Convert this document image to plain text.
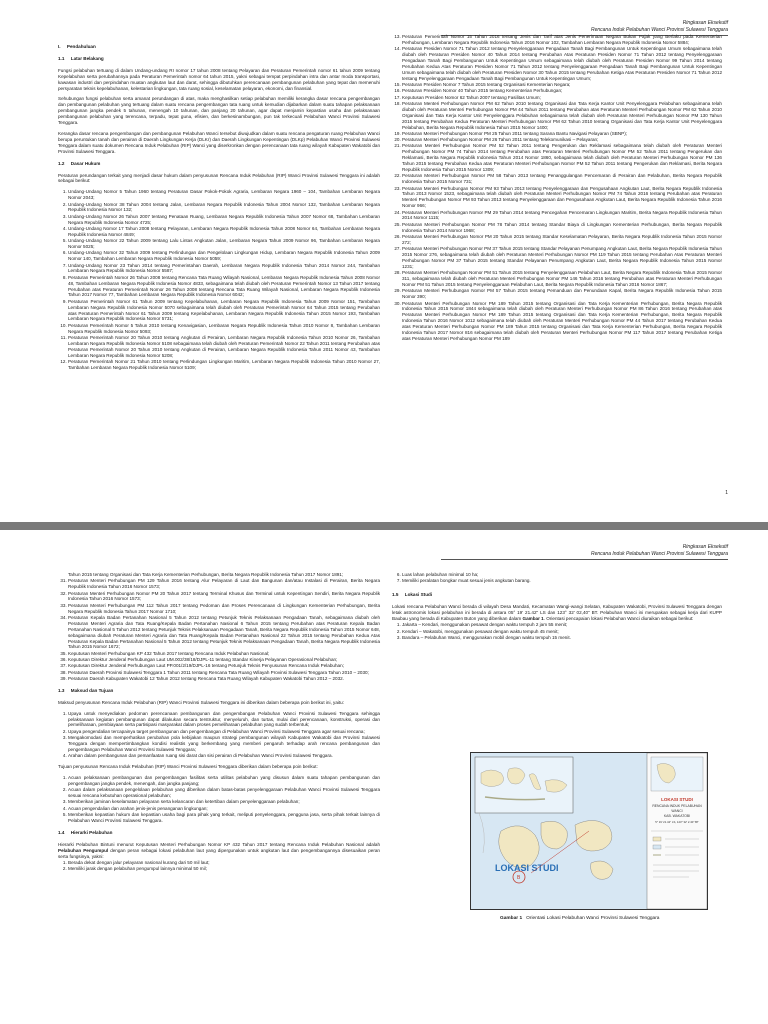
Ringkasan Eksekutif
Rencana Induk Pelabuhan Wanci Provinsi Sulawesi Tenggara
I.     Pendahuluan
1.1     Latar Belakang

Fungsi pelabuhan tertuang di dalam Undang-undang RI nomor 17 tahun 2008 tentang Pelayaran dan Peraturan Pemerintah nomor 61 tahun 2009 tentang Kepelabuhan serta perubahannya pada Peraturan Pemerintah nomor 64 tahun 2015, yakni sebagai tempat perpindahan intra dan antar moda transportasi, kawasan industri dan perpindahan muatan angkutan laut dan darat, sehingga dibutuhkan perencanaan pembangunan pelabuhan yang tepat dan memenuhi persyaratan teknis kepelabuhanan, kelestarian lingkungan, tata ruang sosial, keselamatan pelayaran, ekonomi, dan finansial.

Sehubungan fungsi pelabuhan serta amanat perundangan di atas, maka menghasilkan setiap pelabuhan memiliki kerangka dasar rencana pengembangan dan pembangunan pelabuhan yang tertuang dalam suatu rencana pengembangan tata ruang untuk kemudian dijabarkan dalam suatu tahapan pelaksanaan pembangunan jangka pendek 5 tahunan, menengah 10 tahunan, dan panjang 20 tahunan, agar dapat menjamin kepastian usaha dan pelaksanaan pembangunan pelabuhan yang terencana, terpadu, tepat guna, efisien, dan berkesinambungan, pun tak terkecuali Pelabuhan Wanci Provinsi Sulawesi Tenggara.

Kerangka dasar rencana pengembangan dan pembangunan Pelabuhan Wanci tersebut diwujudkan dalam suatu rencana pengaturan ruang Pelabuhan Wanci berupa peruntukan tanah dan perairan di Daerah Lingkungan Kerja (DLKr) dan Daerah Lingkungan Kepentingan (DLKp) Pelabuhan Wanci Provinsi Sulawesi Tenggara dalam suatu dokumen Rencana Induk Pelabuhan (RIP) Wanci yang diserkronkan dengan perencanaan tata ruang wilayah Kabupaten Wakatobi dan Provinsi Sulawesi Tenggara.

1.2     Dasar Hukum

Peraturan perundangan terkait yang menjadi dasar hukum dalam penyusunan Rencana Induk Pelabuhan (RIP) Wanci Provinsi Sulawesi Tenggara ini adalah sebagai berikut:

1. Undang-Undang Nomor 5 Tahun 1960 tentang Peraturan Dasar Pokok-Pokok Agraria, Lembaran Negara 1960 – 104, Tambahan Lembaran Negara Nomor 2043;
2. Undang-Undang Nomor 38 Tahun 2004 tentang Jalan, Lembaran Negara Republik Indonesia Tahun 2004 Nomor 132, Tambahan Lembaran Negara Republik Indonesia Nomor 132;
3. Undang-Undang Nomor 26 Tahun 2007 tentang Penataan Ruang, Lembaran Negara Republik Indonesia Tahun 2007 Nomor 68, Tambahan Lembaran Negara Republik Indonesia Nomor 4725;
4. Undang-Undang Nomor 17 Tahun 2008 tentang Pelayaran, Lembaran Negara Republik Indonesia Tahun 2008 Nomor 64, Tambahan Lembaran Negara Republik Indonesia Nomor 4849;
5. Undang-Undang Nomor 22 Tahun 2009 tentang Lalu Lintas Angkutan Jalan, Lembaran Negara Tahun 2009 Nomor 96, Tambahan Lembaran Negara Nomor 5025;
6. Undang-Undang Nomor 32 Tahun 2009 tentang Perlindungan dan Pengelolaan Lingkungan Hidup, Lembaran Negara Republik Indonesia Tahun 2009 Nomor 140, Tambahan Lembaran Negara Republik Indonesia Nomor 5059;
7. Undang-Undang Nomor 23 Tahun 2014 tentang Pemerintahan Daerah, Lembaran Negara Republik Indonesia Tahun 2014 Nomor 244, Tambahan Lembaran Negara Republik Indonesia Nomor 5587;
8. Peraturan Pemerintah Nomor 26 Tahun 2008 tentang Rencana Tata Ruang Wilayah Nasional, Lembaran Negara Republik Indonesia Tahun 2008 Nomor 48, Tambahan Lembaran Negara Republik Indonesia Nomor 4833, sebagaimana telah diubah oleh Peraturan Pemerintah Nomor 13 Tahun 2017 tentang Perubahan atas Peraturan Pemerintah Nomor 26 Tahun 2008 tentang Rencana Tata Ruang Wilayah Nasional, Lembaran Negara Republik Indonesia Tahun 2017 Nomor 77, Tambahan Lembaran Negara Republik Indonesia Nomor 6042;
9. Peraturan Pemerintah Nomor 61 Tahun 2009 tentang Kepelabuhanan, Lembaran Negara Republik Indonesia Tahun 2009 Nomor 151, Tambahan Lembaran Negara Republik Indonesia Nomor 5070 sebagaimana telah diubah oleh Peraturan Pemerintah Nomor 64 Tahun 2015 tentang Perubahan atas Peraturan Pemerintah Nomor 61 Tahun 2009 tentang Kepelabuhanan, Lembaran Negara Republik Indonesia Tahun 2015 Nomor 193, Tambahan Lembaran Negara Republik Indonesia Nomor 5731;
10. Peraturan Pemerintah Nomor 5 Tahun 2010 tentang Kenavigasian, Lembaran Negara Republik Indonesia Tahun 2010 Nomor 8, Tambahan Lembaran Negara Republik Indonesia Nomor 5093;
11. Peraturan Pemerintah Nomor 20 Tahun 2010 tentang Angkutan di Perairan, Lembaran Negara Republik Indonesia Tahun 2010 Nomor 26, Tambahan Lembaran Negara Republik Indonesia Nomor 5108 sebagaimana telah diubah oleh Peraturan Pemerintah Nomor 22 Tahun 2011 tentang Perubahan atas Peraturan Pemerintah Nomor 20 Tahun 2010 tentang Angkutan di Perairan, Lembaran Negara Republik Indonesia Tahun 2011 Nomor 43, Tambahan Lembaran Negara Republik Indonesia Nomor 5208;
12. Peraturan Pemerintah Nomor 21 Tahun 2010 tentang Perlindungan Lingkungan Maritim, Lembaran Negara Republik Indonesia Tahun 2010 Nomor 27, Tambahan Lembaran Negara Republik Indonesia Nomor 5109;
13. Peraturan Pemerintah Nomor 15 Tahun 2016 tentang Jenis dan Tarif atas Jenis Penerimaan Negara Bukan Pajak yang Berlaku pada Kementerian Perhubungan, Lembaran Negara Republik Indonesia Tahun 2016 Nomor 102, Tambahan Lembaran Negara Republik Indonesia Nomor 5884;
14. Peraturan Presiden Nomor 71 Tahun 2012 tentang Penyelenggaraan Pengadaan Tanah Bagi Pembangunan Untuk Kepentingan Umum sebagaimana telah diubah oleh Peraturan Presiden Nomor 40 Tahun 2014 tentang Perubahan Atas Peraturan Presiden Nomor 71 Tahun 2012 tentang Penyelenggaraan Pengadaan Tanah Bagi Pembangunan Untuk Kepentingan Umum sebagaimana telah diubah oleh Peraturan Presiden Nomor 99 Tahun 2014 tentang Perubahan Kedua Atas Peraturan Presiden Nomor 71 Tahun 2012 tentang Penyelenggaraan Pengadaan Tanah Bagi Pembangunan Untuk Kepentingan Umum sebagaimana telah diubah oleh Peraturan Presiden Nomor 30 Tahun 2015 tentang Perubahan Ketiga Atas Peraturan Presiden Nomor 71 Tahun 2012 tentang Penyelenggaraan Pengadaan Tanah Bagi Pembangunan Untuk Kepentingan Umum;
15. Peraturan Presiden Nomor 7 Tahun 2015 tentang Organisasi Kementerian Negara;
16. Peraturan Presiden Nomor 40 Tahun 2015 tentang Kementerian Perhubungan;
17. Keputusan Presiden Nomor 62 Tahun 2007 tentang Fasilitas Umum;
18. Peraturan Menteri Perhubungan Nomor PM 62 Tahun 2010 tentang Organisasi dan Tata Kerja Kantor Unit Penyelenggara Pelabuhan sebagaimana telah diubah oleh Peraturan Menteri Perhubungan Nomor PM 44 Tahun 2011 tentang Perubahan atas Peraturan Menteri Perhubungan Nomor PM 62 Tahun 2010 Organisasi dan Tata Kerja Kantor Unit Penyelenggara Pelabuhan sebagaimana telah diubah oleh Peraturan Menteri Perhubungan Nomor PM 130 Tahun 2015 tentang Perubahan Kedua Peraturan Menteri Perhubungan Nomor PM 62 Tahun 2010 tentang Organisasi dan Tata Kerja Kantor Unit Penyelenggara Pelabuhan, Berita Negara Republik Indonesia Tahun 2015 Nomor 1400;
19. Peraturan Menteri Perhubungan Nomor PM 25 Tahun 2011 tentang Sarana Bantu Navigasi Pelayaran (SBNP);
20. Peraturan Menteri Perhubungan Nomor PM 26 Tahun 2011 tentang Telekomunikasi – Pelayaran;
21. Peraturan Menteri Perhubungan Nomor PM 52 Tahun 2011 tentang Pengerukan dan Reklamasi sebagaimana telah diubah oleh Peraturan Menteri Perhubungan Nomor PM 74 Tahun 2014 tentang Perubahan atas Peraturan Menteri Perhubungan Nomor PM 52 Tahun 2011 tentang Pengerukan dan Reklamasi, Berita Negara Republik Indonesia Tahun 2014 Nomor 1860, sebagaimana telah diubah oleh Peraturan Menteri Perhubungan Nomor PM 136 Tahun 2015 tentang Perubahan Kedua atas Peraturan Menteri Perhubungan Nomor PM 52 Tahun 2011 tentang Pengerukan dan Reklamasi, Berita Negara Republik Indonesia Tahun 2015 Nomor 1309;
22. Peraturan Menteri Perhubungan Nomor PM 58 Tahun 2013 tentang Penanggulangan Pencemaran di Perairan dan Pelabuhan, Berita Negara Republik Indonesia Tahun 2015 Nomor 731;
23. Peraturan Menteri Perhubungan Nomor PM 93 Tahun 2013 tentang Penyelenggaraan dan Pengusahaan Angkutan Laut, Berita Negara Republik Indonesia Tahun 2013 Nomor 1523, sebagaimana telah diubah oleh Peraturan Menteri Perhubungan Nomor PM 74 Tahun 2016 tentang Perubahan atas Peraturan Menteri Perhubungan Nomor PM 93 Tahun 2013 tentang Penyelenggaraan dan Pengusahaan Angkutan Laut, Berita Negara Republik Indonesia Tahun 2016 Nomor 966;
24. Peraturan Menteri Perhubungan Nomor PM 29 Tahun 2014 tentang Pencegahan Pencemaran Lingkungan Maritim, Berita Negara Republik Indonesia Tahun 2014 Nomor 1115;
25. Peraturan Menteri Perhubungan Nomor PM 78 Tahun 2014 tentang Standar Biaya di Lingkungan Kementerian Perhubungan, Berita Negara Republik Indonesia Tahun 2014 Nomor 1968;
26. Peraturan Menteri Perhubungan Nomor PM 20 Tahun 2015 tentang Standar Keselamatan Pelayaran, Berita Negara Republik Indonesia Tahun 2015 Nomor 272;
27. Peraturan Menteri Perhubungan Nomor PM 37 Tahun 2015 tentang Standar Pelayanan Penumpang Angkutan Laut, Berita Negara Republik Indonesia Tahun 2015 Nomor 276, sebagaimana telah diubah oleh Peraturan Menteri Perhubungan Nomor PM 119 Tahun 2015 tentang Perubahan Atas Peraturan Menteri Perhubungan Nomor PM 37 Tahun 2015 tentang Standar Pelayanan Penumpang Angkutan Laut, Berita Negara Republik Indonesia Tahun 2015 Nomor 1231;
28. Peraturan Menteri Perhubungan Nomor PM 51 Tahun 2015 tentang Penyelenggaraan Pelabuhan Laut, Berita Negara Republik Indonesia Tahun 2015 Nomor 311, sebagaimana telah diubah oleh Peraturan Menteri Perhubungan Nomor PM 146 Tahun 2016 tentang Perubahan atas Peraturan Menteri Perhubungan Nomor PM 51 Tahun 2015 tentang Penyelenggaraan Pelabuhan Laut, Berita Negara Republik Indonesia Tahun 2016 Nomor 1867;
29. Peraturan Menteri Perhubungan Nomor PM 57 Tahun 2015 tentang Pemanduan dan Penundaan Kapal, Berita Negara Republik Indonesia Tahun 2015 Nomor 390;
30. Peraturan Menteri Perhubungan Nomor PM 189 Tahun 2015 tentang Organisasi dan Tata Kerja Kementerian Perhubungan, Berita Negara Republik Indonesia Tahun 2015 Nomor 1844 sebagaimana telah diubah oleh Peraturan Menteri Perhubungan Nomor PM 86 Tahun 2016 tentang Perubahan atas Peraturan Menteri Perhubungan Nomor PM 189 Tahun 2015 tentang Organisasi dan Tata Kerja Kementerian Perhubungan, Berita Negara Republik Indonesia Tahun 2016 Nomor 1012 sebagaimana telah diubah oleh Peraturan Menteri Perhubungan Nomor PM 44 Tahun 2017 tentang Perubahan Kedua atas Peraturan Menteri Perhubungan Nomor PM 189 Tahun 2015 tentang Organisasi dan Tata Kerja Kementerian Perhubungan, Berita Negara Republik Indonesia Tahun 2017 Nomor 816 sebagaimana telah diubah oleh Peraturan Menteri Perhubungan Nomor PM 117 Tahun 2017 tentang Perubahan Ketiga atas Peraturan Menteri Perhubungan Nomor PM 189
1
Ringkasan Eksekutif
Rencana Induk Pelabuhan Wanci Provinsi Sulawesi Tenggara

Tahun 2015 tentang Organisasi dan Tata Kerja Kementerian Perhubungan, Berita Negara Republik Indonesia Tahun 2017 Nomor 1891;

31. Peraturan Menteri Perhubungan PM 129 Tahun 2016 tentang Alur Pelayaran di Laut dan Bangunan dan/atau Instalasi di Perairan, Berita Negara Republik Indonesia Tahun 2016 Nomor 1573;
32. Peraturan Menteri Perhubungan Nomor PM 20 Tahun 2017 tentang Terminal Khusus dan Terminal untuk Kepentingan Sendiri, Berita Negara Republik Indonesia Tahun 2016 Nomor 1573;
33. Peraturan Menteri Perhubungan PM 112 Tahun 2017 tentang Pedoman dan Proses Perencanaan di Lingkungan Kementerian Perhubungan, Berita Negara Republik Indonesia Tahun 2017 Nomor 1710;
34. Peraturan Kepala Badan Pertanahan Nasional 5 Tahun 2012 tentang Petunjuk Teknis Pelaksanaan Pengadaan Tanah, sebagaimana diubah oleh Peraturan Menteri Agraria dan Tata Ruang/Kepala Badan Pertanahan Nasional 6 Tahun 2015 tentang Perubahan atas Peraturan Kepala Badan Pertanahan Nasional 5 Tahun 2012 tentang Petunjuk Teknis Pelaksanaan Pengadaan Tanah, Berita Negara Republik Indonesia Tahun 2015 Nomor 648, sebagaimana diubah Peraturan Menteri Agraria dan Tata Ruang/Kepala Badan Pertanahan Nasional 22 Tahun 2015 tentang Perubahan Kedua Atas Peraturan Kepala Badan Pertanahan Nasional 5 Tahun 2012 tentang Petunjuk Teknis Pelaksanaan Pengadaan Tanah, Berita Negara Republik Indonesia Tahun 2015 Nomor 1672;
35. Keputusan Menteri Perhubungan KP 432 Tahun 2017 tentang Rencana Induk Pelabuhan Nasional;
36. Keputusan Direktur Jenderal Perhubungan Laut UM.002/38/18/DJPL-11 tentang Standar Kinerja Pelayanan Operasional Pelabuhan;
37. Keputusan Direktur Jenderal Perhubungan Laut PP.001/2/19/DJPL-16 tentang Petunjuk Teknis Penyusunan Rencana Induk Pelabuhan;
38. Peraturan Daerah Provinsi Sulawesi Tenggara 1 Tahun 2011 tentang Rencana Tata Ruang Wilayah Provinsi Sulawesi Tenggara Tahun 2010 – 2030;
39. Peraturan Daerah Kabupaten Wakatobi 12 Tahun 2012 tentang Rencana Tata Ruang Wilayah Kabupaten Wakatobi Tahun 2012 – 2032.
1.3     Maksud dan Tujuan

Maksud penyusunan Rencana Induk Pelabuhan (RIP) Wanci Provinsi Sulawesi Tenggara ini diberikan dalam beberapa poin berikut ini, yaitu:

1. Upaya untuk menyediakan pedoman perencanaan pembangunan dan pengembangan Pelabuhan Wanci Provinsi Sulawesi Tenggara sehingga pelaksanaan kegiatan pembangunan dapat dilakukan secara terstruktur, menyeluruh, dan turtas, mulai dari perencanaan, konstruksi, operasi dan pemeliharaan, pembiayaan serta partisipasi masyarakat dalam proses pemeliharaan pelabuhan yang sudah terbentuk;
2. Upaya pengendalian tercapainya target pembangunan dan pengembangan di Pelabuhan Wanci Provinsi Sulawesi Tenggara agar sesuai rencana;
3. Mengakomodasi dan memperhatikan perubahan pola kebijakan maupun strategi pembangunan wilayah Kabupaten Wakatobi dan Provinsi Sulawesi Tenggara dengan mempertimbangkan kondisi realistis yang berkembang yang memberi pengaruh terhadap arah rencana pembangunan dan pengembangan Pelabuhan Wanci Provinsi Sulawesi Tenggara;
4. Arahan dalam pembangunan dan pemanfaatan ruang sisi darat dan sisi perairan di Pelabuhan Wanci Provinsi Sulawesi Tenggara.

Tujuan penyusunan Rencana Induk Pelabuhan (RIP) Wanci Provinsi Sulawesi Tenggara diberikan dalam beberapa poin berikut:

1. Acuan pelaksanaan pembangunan dan pengembangan fasilitas serta utilitas pelabuhan yang disusun dalam suatu tahapan pembangunan dan pengembangan jangka pendek, menengah, dan jangka panjang;
2. Acuan dalam pelaksanaan pengelolaan pelabuhan yang diberikan dalam batas-batas penyelenggaraan Pelabuhan Wanci Provinsi Sulawesi Tenggara sesuai rencana kebutuhan operasional pelabuhan;
3. Memberikan jaminan keselamatan pelayaran serta kelancaran dan ketertiban dalam penyelenggaraan pelabuhan;
4. Acuan pengendalian dan arahan jenis-jenis penanganan lingkungan;
5. Memberikan kepastian hukum dan kepastian usaha bagi para pihak yang terkait, meliputi penyelenggara, pengguna jasa, serta pihak terkait lainnya di Pelabuhan Wanci Provinsi Sulawesi Tenggara.
1.4     Hierarki Pelabuhan

Hierarki Pelabuhan Bintuni menurut Keputusan Menteri Perhubungan Nomor KP 432 Tahun 2017 tentang Rencana Induk Pelabuhan Nasional adalah Pelabuhan Pengumpul dengan peran sebagai lokasi pelabuhan laut yang dipergunakan untuk angkutan laut dan pengembangannya disesuaikan peran serta fungsinya, yakni:

1. Berada dekat dengan jalur pelayaran nasional kurang dari 50 mil laut;
2. Memiliki jarak dengan pelabuhan pengumpul lainnya minimal 50 mil;
6. Luas lahan pelabuhan minimal 10 ha;
7. Memiliki peralatan bongkar muat sesuai jenis angkutan barang.
1.5     Lokasi Studi

Lokasi rencana Pelabuhan Wanci berada di wilayah Desa Mandati, Kecamatan Wangi-wangi Selatan, Kabupaten Wakatobi, Provinsi Sulawesi Tenggara dengan letak astronomis lokasi pelabuhan ini berada di antara 05° 19' 21.42" LS dan 123° 32' 02,40" BT. Pelabuhan Wanci ini merupakan sebagai kerja dari KUPP Baubau yang berada di Kabupaten Buton yang diberikan dalam Gambar 1. Orientasi pencapaian lokasi Pelabuhan Wanci diuraikan sebagai berikut:

1. Jakarta – Kendari, menggunakan pesawat dengan waktu tempuh 2 jam 55 menit;
2. Kendari – Wakatobi, menggunakan pesawat dengan waktu tempuh 45 menit;
3. Bandara – Pelabuhan Wanci, menggunakan mobil dengan waktu tempuh 15 menit.
B
LOKASI STUDI
LOKASI STUDI
RENCANA INDUK PELABUHAN
WANCI
KAB. WAKATOBI
5° 19' 21.42" LS, 123° 32' 2.40" BT
Gambar 1 Orientasi Lokasi Pelabuhan Wanci Provinsi Sulawesi Tenggara
